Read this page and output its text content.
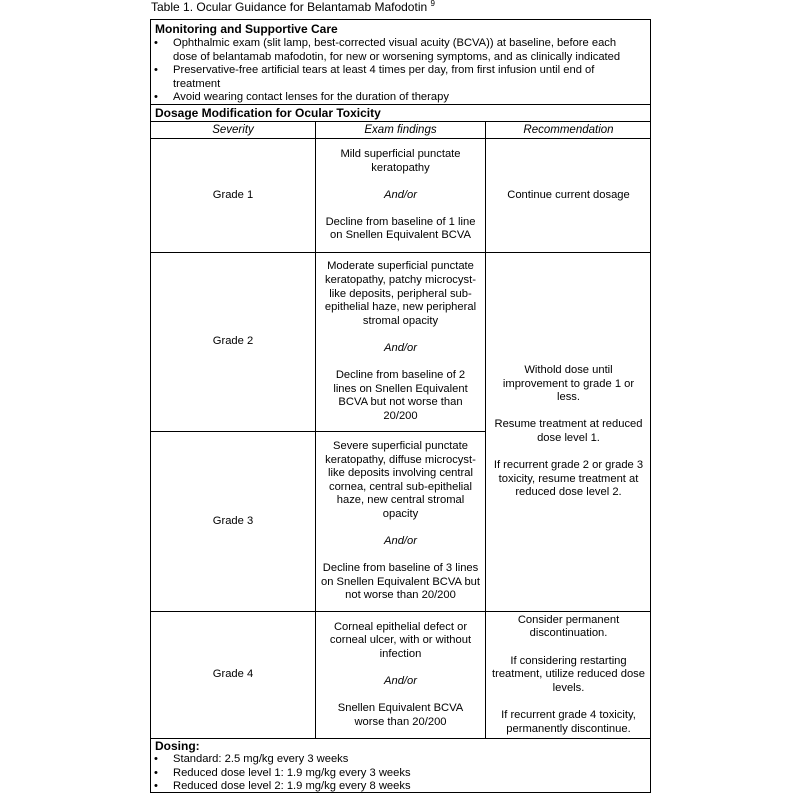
Table 1. Ocular Guidance for Belantamab Mafodotin $^9$
Monitoring and Supportive Care
• Ophthalmic exam (slit lamp, best-corrected visual acuity (BCVA)) at baseline, before each dose of belantamab mafodotin, for new or worsening symptoms, and as clinically indicated
• Preservative-free artificial tears at least 4 times per day, from first infusion until end of treatment
• Avoid wearing contact lenses for the duration of therapy
Dosage Modification for Ocular Toxicity
Severity	Exam findings	Recommendation
Grade 1
Mild superficial punctate keratopathy
And/or
Decline from baseline of 1 line on Snellen Equivalent BCVA
Continue current dosage
Grade 2
Moderate superficial punctate keratopathy, patchy microcyst-like deposits, peripheral sub-epithelial haze, new peripheral stromal opacity
And/or
Decline from baseline of 2 lines on Snellen Equivalent BCVA but not worse than 20/200
Withold dose until improvement to grade 1 or less.
Resume treatment at reduced dose level 1.
If recurrent grade 2 or grade 3 toxicity, resume treatment at reduced dose level 2.
Grade 3
Severe superficial punctate keratopathy, diffuse microcyst-like deposits involving central cornea, central sub-epithelial haze, new central stromal opacity
And/or
Decline from baseline of 3 lines on Snellen Equivalent BCVA but not worse than 20/200
Grade 4
Corneal epithelial defect or corneal ulcer, with or without infection
And/or
Snellen Equivalent BCVA worse than 20/200
Consider permanent discontinuation.
If considering restarting treatment, utilize reduced dose levels.
If recurrent grade 4 toxicity, permanently discontinue.
Dosing:
• Standard: 2.5 mg/kg every 3 weeks
• Reduced dose level 1: 1.9 mg/kg every 3 weeks
• Reduced dose level 2: 1.9 mg/kg every 8 weeks
